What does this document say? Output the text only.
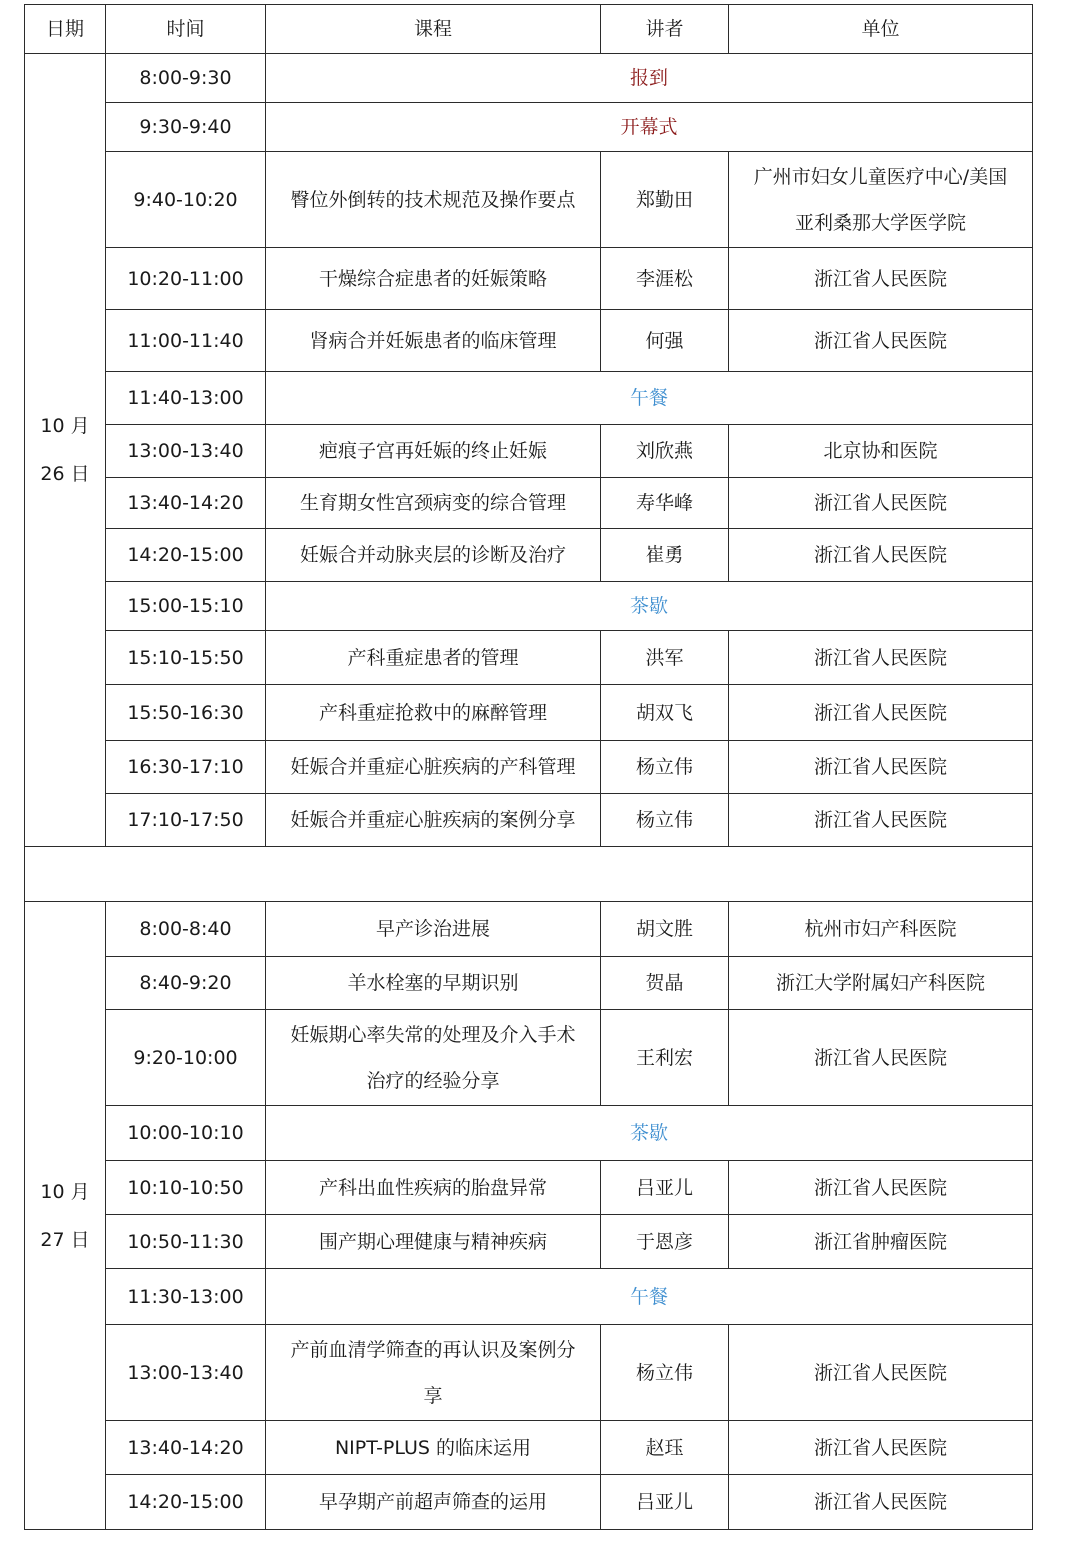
日期	时间	课程	讲者	单位
10 月
26 日	8:00-9:30	报到		
	9:30-9:40	开幕式		
	9:40-10:20	臀位外倒转的技术规范及操作要点	郑勤田	广州市妇女儿童医疗中心/美国
亚利桑那大学医学院
	10:20-11:00	干燥综合症患者的妊娠策略	李涯松	浙江省人民医院
	11:00-11:40	肾病合并妊娠患者的临床管理	何强	浙江省人民医院
	11:40-13:00	午餐		
	13:00-13:40	疤痕子宫再妊娠的终止妊娠	刘欣燕	北京协和医院
	13:40-14:20	生育期女性宫颈病变的综合管理	寿华峰	浙江省人民医院
	14:20-15:00	妊娠合并动脉夹层的诊断及治疗	崔勇	浙江省人民医院
	15:00-15:10	茶歇		
	15:10-15:50	产科重症患者的管理	洪军	浙江省人民医院
	15:50-16:30	产科重症抢救中的麻醉管理	胡双飞	浙江省人民医院
	16:30-17:10	妊娠合并重症心脏疾病的产科管理	杨立伟	浙江省人民医院
	17:10-17:50	妊娠合并重症心脏疾病的案例分享	杨立伟	浙江省人民医院

10 月
27 日	8:00-8:40	早产诊治进展	胡文胜	杭州市妇产科医院
	8:40-9:20	羊水栓塞的早期识别	贺晶	浙江大学附属妇产科医院
	9:20-10:00	妊娠期心率失常的处理及介入手术
治疗的经验分享	王利宏	浙江省人民医院
	10:00-10:10	茶歇		
	10:10-10:50	产科出血性疾病的胎盘异常	吕亚儿	浙江省人民医院
	10:50-11:30	围产期心理健康与精神疾病	于恩彦	浙江省肿瘤医院
	11:30-13:00	午餐		
	13:00-13:40	产前血清学筛查的再认识及案例分
享	杨立伟	浙江省人民医院
	13:40-14:20	NIPT-PLUS 的临床运用	赵珏	浙江省人民医院
	14:20-15:00	早孕期产前超声筛查的运用	吕亚儿	浙江省人民医院
